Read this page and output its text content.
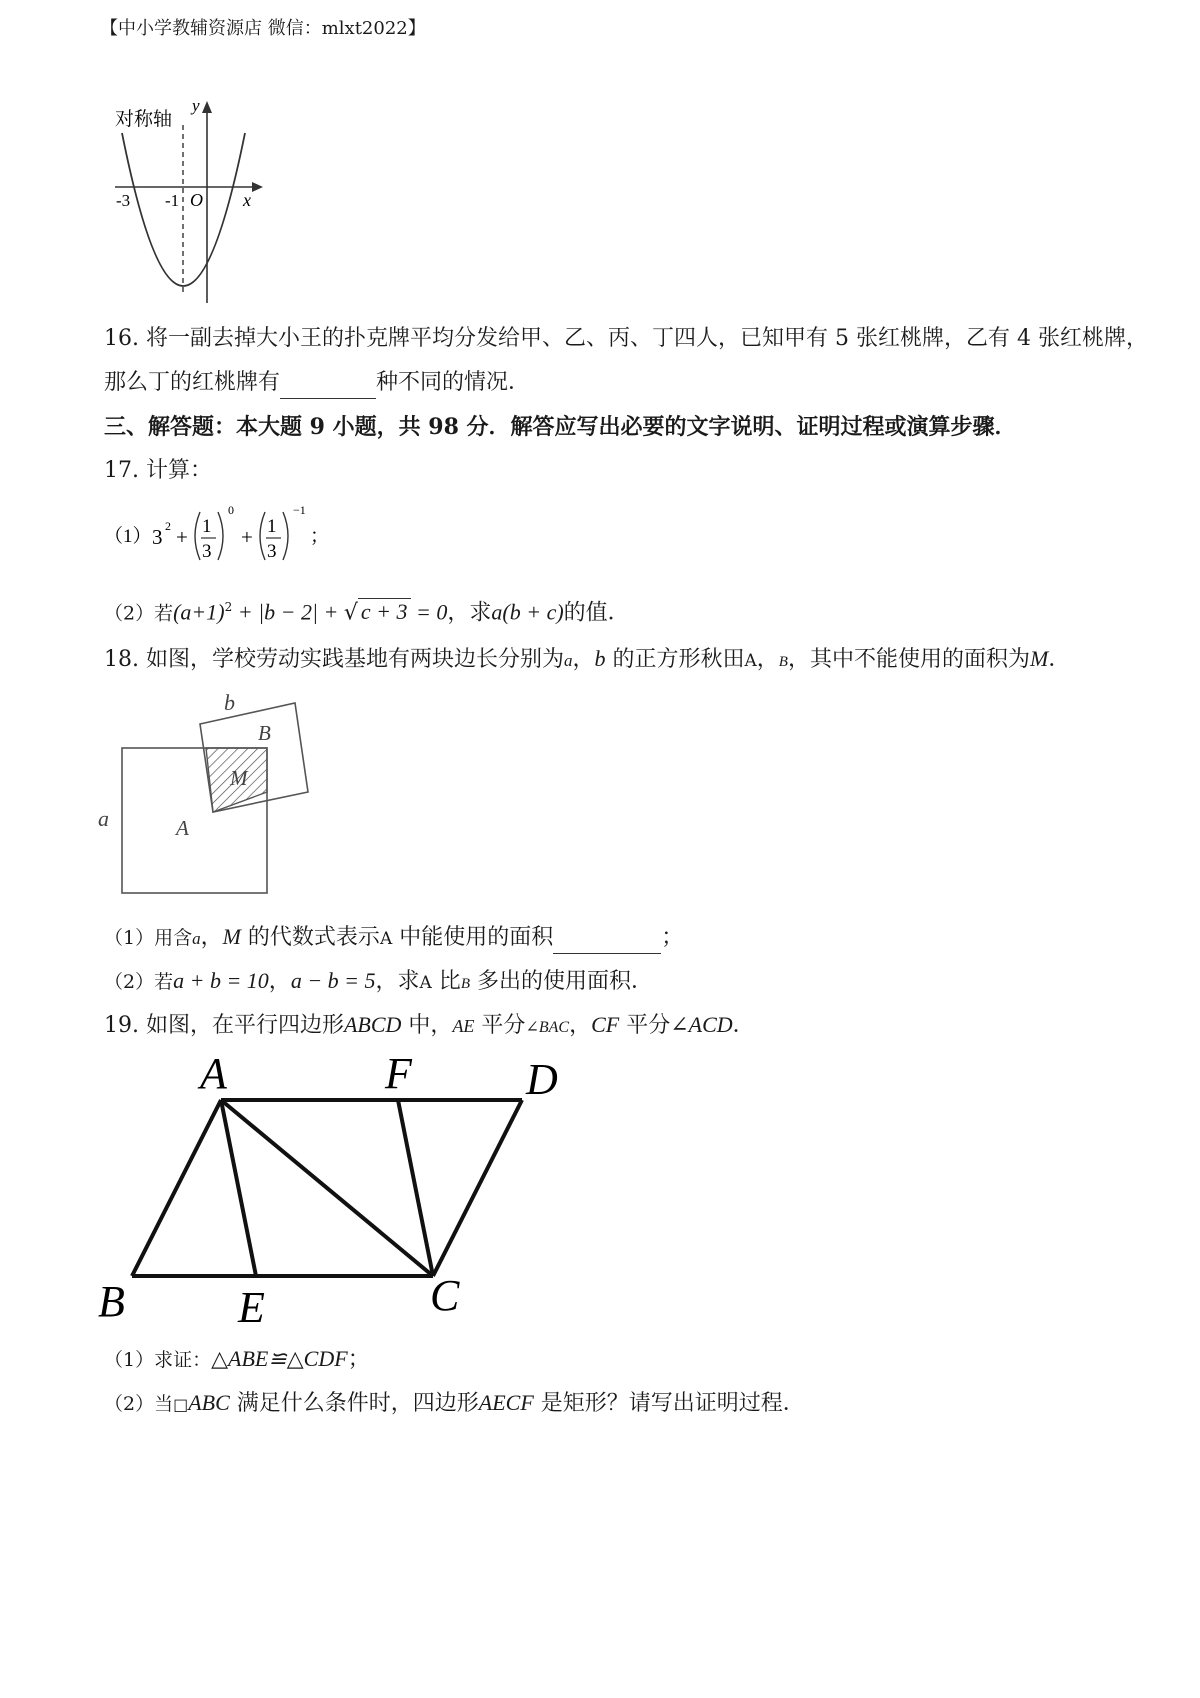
【中小学教辅资源店 微信：mlxt2022】
对称轴
y
x
-3 -1 O
16. 将一副去掉大小王的扑克牌平均分发给甲、乙、丙、丁四人，已知甲有 5 张红桃牌，乙有 4 张红桃牌，
那么丁的红桃牌有	种不同的情况．
三、解答题：本大题 9 小题，共 98 分．解答应写出必要的文字说明、证明过程或演算步骤．
17. 计算：
（1） 3 2 + 1
3
0
+ 1
3
−1
；
（2）若$(a+1)^2 + |b - 2|$ + √ c + 3 = 0，求a(b + c)的值．
18. 如图，学校劳动实践基地有两块边长分别为a，b 的正方形秋田A，B，其中不能使用的面积为M．
a
b
A
B
M
（1）用含a，M 的代数式表示A 中能使用的面积	；
（2）若a + b = 10，a − b = 5，求A 比B 多出的使用面积．
19. 如图，在平行四边形ABCD 中，AE 平分∠BAC，CF 平分∠ACD．
A	F	D
B	E	C
（1）求证：△ABE≌△CDF；
（2）当□ABC 满足什么条件时，四边形AECF 是矩形？请写出证明过程．
